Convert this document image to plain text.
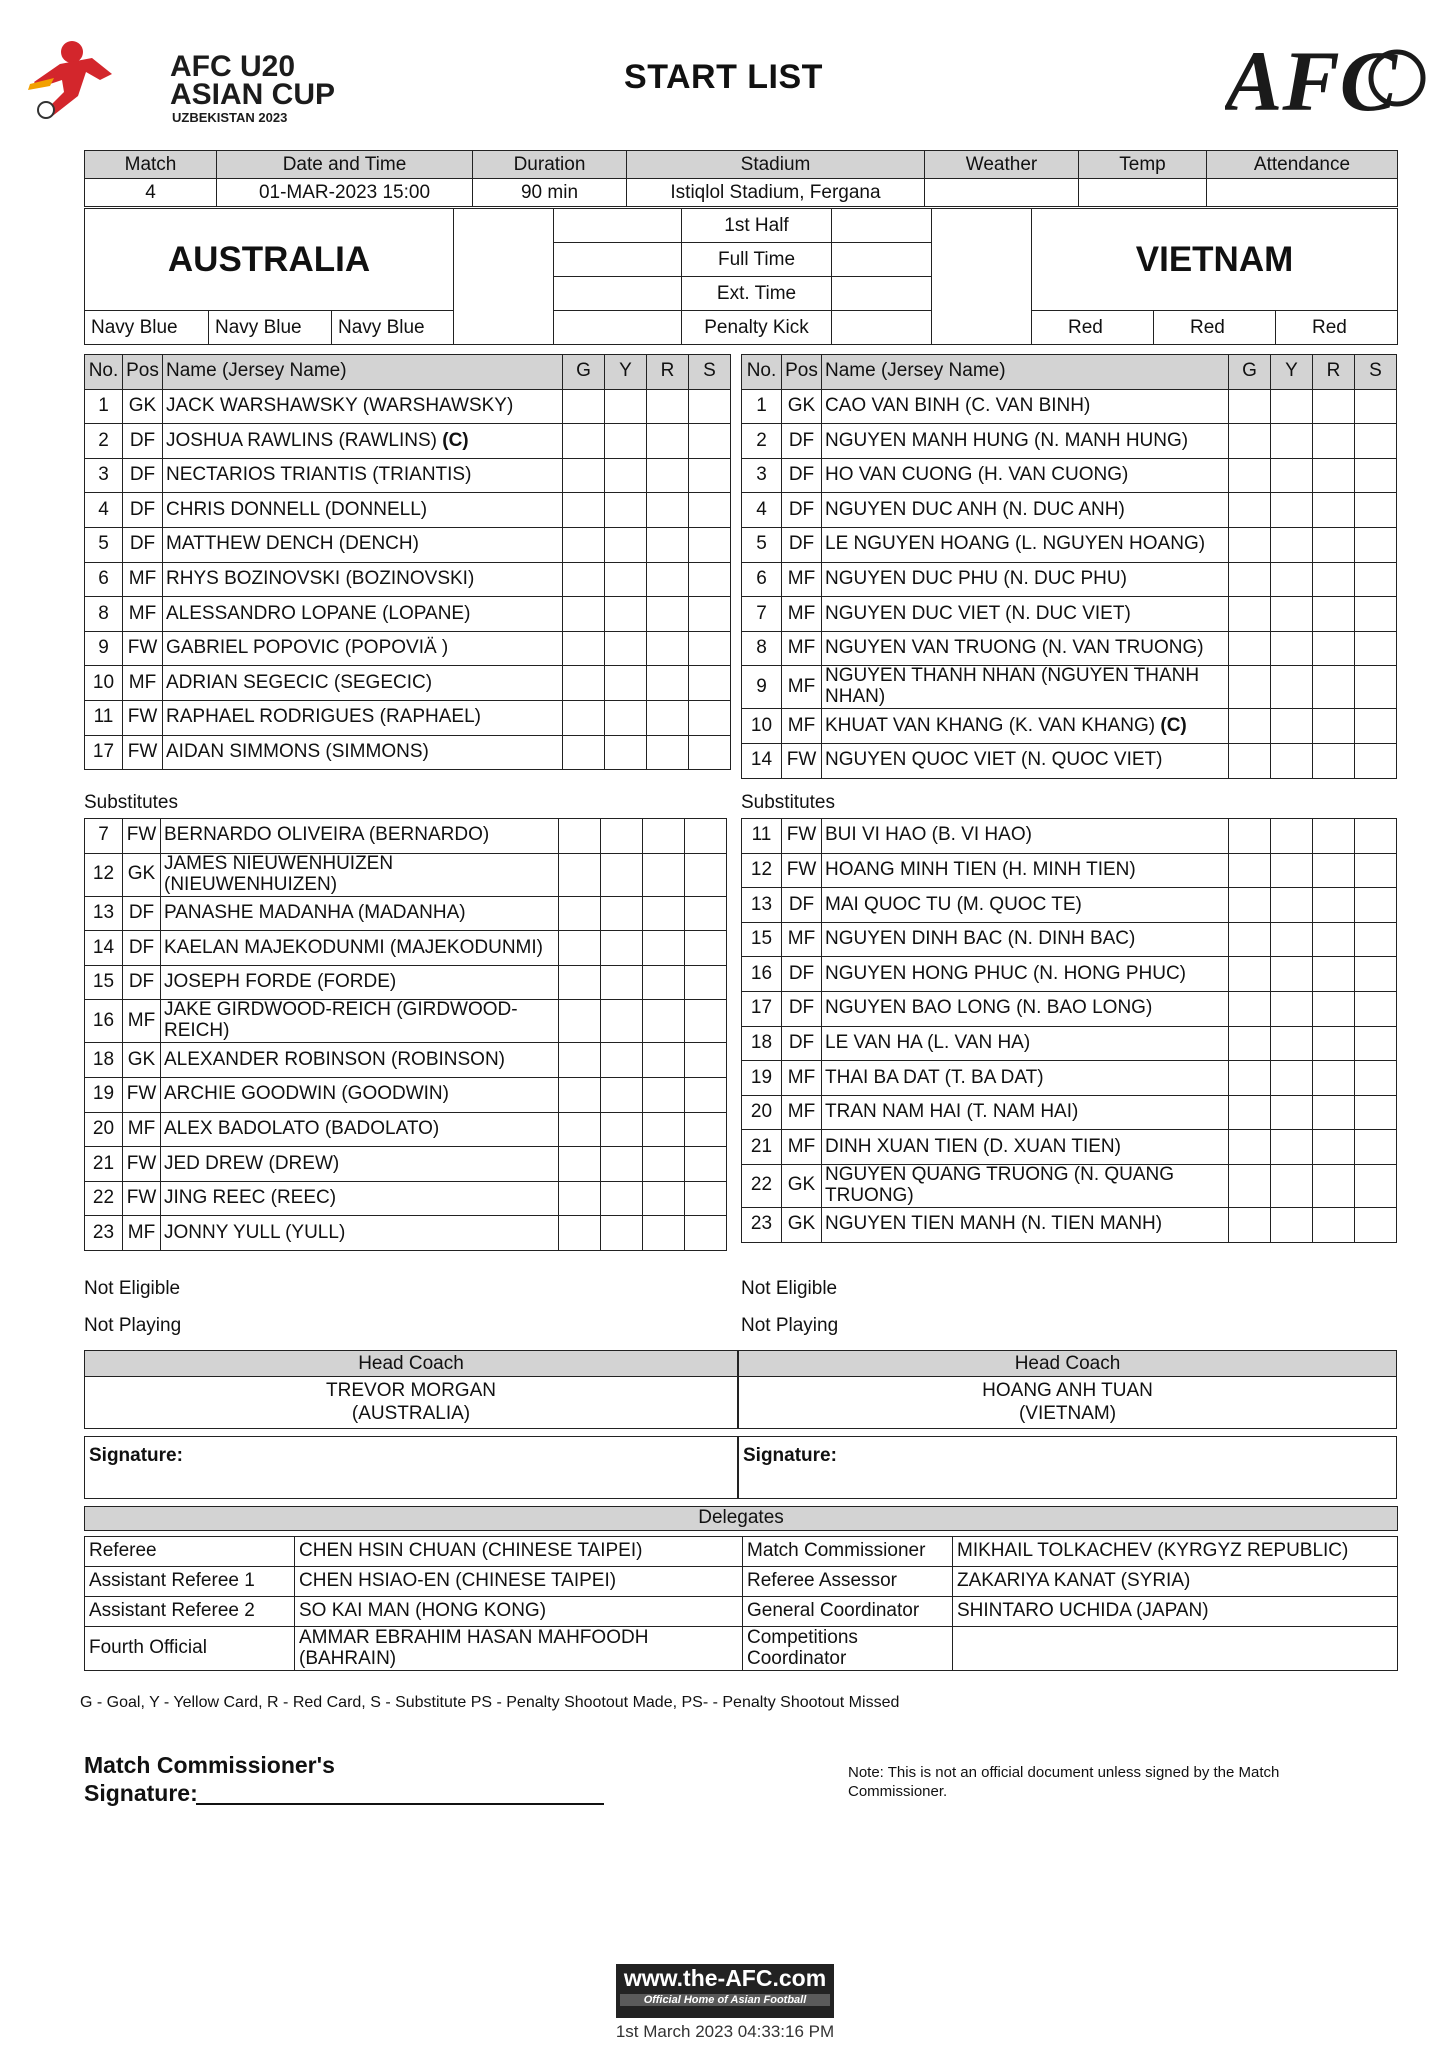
AFC U20
ASIAN CUP
UZBEKISTAN 2023
START LIST	AFC
Match	Date and Time	Duration	Stadium	Weather	Temp	Attendance
4	01-MAR-2023 15:00	90 min	Istiqlol Stadium, Fergana			
AUSTRALIA					1st Half			VIETNAM		
					Full Time					
					Ext. Time					
Navy Blue	Navy Blue	Navy Blue			Penalty Kick			Red	Red	Red
No.	Pos	Name (Jersey Name)	G	Y	R	S
1	GK	JACK WARSHAWSKY (WARSHAWSKY)				
2	DF	JOSHUA RAWLINS (RAWLINS) (C)				
3	DF	NECTARIOS TRIANTIS (TRIANTIS)				
4	DF	CHRIS DONNELL (DONNELL)				
5	DF	MATTHEW DENCH (DENCH)				
6	MF	RHYS BOZINOVSKI (BOZINOVSKI)				
8	MF	ALESSANDRO LOPANE (LOPANE)				
9	FW	GABRIEL POPOVIC (POPOVIÄ )				
10	MF	ADRIAN SEGECIC (SEGECIC)				
11	FW	RAPHAEL RODRIGUES (RAPHAEL)				
17	FW	AIDAN SIMMONS (SIMMONS)				
No.	Pos	Name (Jersey Name)	G	Y	R	S
1	GK	CAO VAN BINH (C. VAN BINH)				
2	DF	NGUYEN MANH HUNG (N. MANH HUNG)				
3	DF	HO VAN CUONG (H. VAN CUONG)				
4	DF	NGUYEN DUC ANH (N. DUC ANH)				
5	DF	LE NGUYEN HOANG (L. NGUYEN HOANG)				
6	MF	NGUYEN DUC PHU (N. DUC PHU)				
7	MF	NGUYEN DUC VIET (N. DUC VIET)				
8	MF	NGUYEN VAN TRUONG (N. VAN TRUONG)				
9	MF	NGUYEN THANH NHAN (NGUYEN THANH NHAN)				
10	MF	KHUAT VAN KHANG (K. VAN KHANG) (C)				
14	FW	NGUYEN QUOC VIET (N. QUOC VIET)				
Substitutes	Substitutes
7	FW	BERNARDO OLIVEIRA (BERNARDO)				
12	GK	JAMES NIEUWENHUIZEN (NIEUWENHUIZEN)				
13	DF	PANASHE MADANHA (MADANHA)				
14	DF	KAELAN MAJEKODUNMI (MAJEKODUNMI)				
15	DF	JOSEPH FORDE (FORDE)				
16	MF	JAKE GIRDWOOD-REICH (GIRDWOOD-REICH)				
18	GK	ALEXANDER ROBINSON (ROBINSON)				
19	FW	ARCHIE GOODWIN (GOODWIN)				
20	MF	ALEX BADOLATO (BADOLATO)				
21	FW	JED DREW (DREW)				
22	FW	JING REEC (REEC)				
23	MF	JONNY YULL (YULL)				
11	FW	BUI VI HAO (B. VI HAO)				
12	FW	HOANG MINH TIEN (H. MINH TIEN)				
13	DF	MAI QUOC TU (M. QUOC TE)				
15	MF	NGUYEN DINH BAC (N. DINH BAC)				
16	DF	NGUYEN HONG PHUC (N. HONG PHUC)				
17	DF	NGUYEN BAO LONG (N. BAO LONG)				
18	DF	LE VAN HA (L. VAN HA)				
19	MF	THAI BA DAT (T. BA DAT)				
20	MF	TRAN NAM HAI (T. NAM HAI)				
21	MF	DINH XUAN TIEN (D. XUAN TIEN)				
22	GK	NGUYEN QUANG TRUONG (N. QUANG TRUONG)				
23	GK	NGUYEN TIEN MANH (N. TIEN MANH)				
Not Eligible	Not Eligible
Not Playing	Not Playing
Head Coach

TREVOR MORGAN
(AUSTRALIA)
Head Coach

HOANG ANH TUAN
(VIETNAM)
Signature:	Signature:
Delegates			

Referee	CHEN HSIN CHUAN (CHINESE TAIPEI)	Match Commissioner	MIKHAIL TOLKACHEV (KYRGYZ REPUBLIC)
Assistant Referee 1	CHEN HSIAO-EN (CHINESE TAIPEI)	Referee Assessor	ZAKARIYA KANAT (SYRIA)
Assistant Referee 2	SO KAI MAN (HONG KONG)	General Coordinator	SHINTARO UCHIDA (JAPAN)
Fourth Official	AMMAR EBRAHIM HASAN MAHFOODH (BAHRAIN)	Competitions Coordinator	
G - Goal, Y - Yellow Card, R - Red Card, S - Substitute PS - Penalty Shootout Made, PS- - Penalty Shootout Missed
Match Commissioner's
Signature:
Note: This is not an official document unless signed by the Match Commissioner.
www.the-AFC.com
Official Home of Asian Football
1st March 2023 04:33:16 PM
